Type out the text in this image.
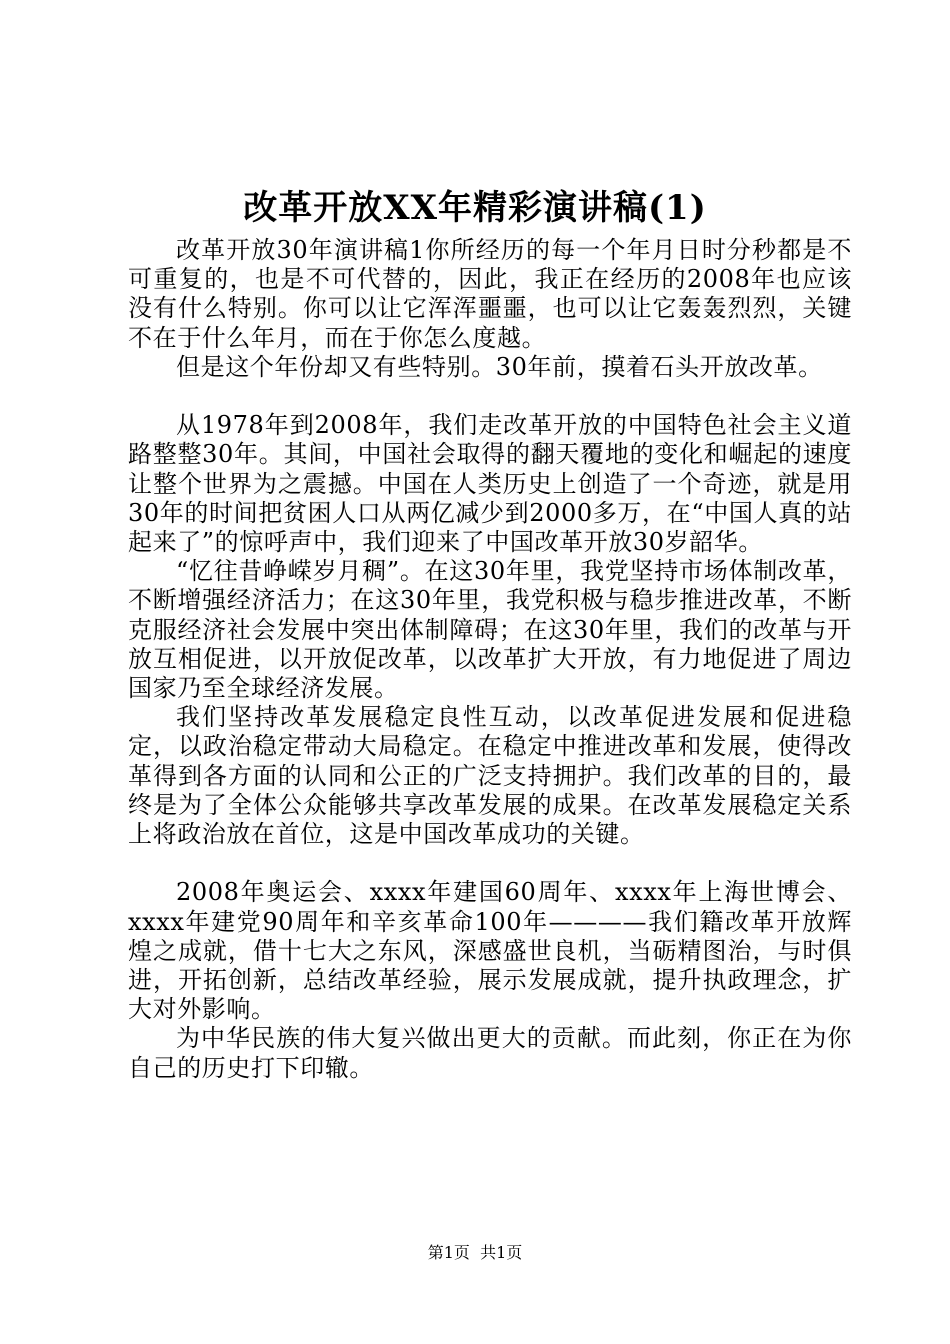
改革开放XX年精彩演讲稿(1)

改革开放30年演讲稿1你所经历的每一个年月日时分秒都是不可重复的，也是不可代替的，因此，我正在经历的2008年也应该没有什么特别。你可以让它浑浑噩噩，也可以让它轰轰烈烈，关键不在于什么年月，而在于你怎么度越。

但是这个年份却又有些特别。30年前，摸着石头开放改革。

从1978年到2008年，我们走改革开放的中国特色社会主义道路整整30年。其间，中国社会取得的翻天覆地的变化和崛起的速度让整个世界为之震撼。中国在人类历史上创造了一个奇迹，就是用30年的时间把贫困人口从两亿减少到2000多万，在“中国人真的站起来了”的惊呼声中，我们迎来了中国改革开放30岁韶华。

“忆往昔峥嵘岁月稠”。在这30年里，我党坚持市场体制改革，不断增强经济活力；在这30年里，我党积极与稳步推进改革，不断克服经济社会发展中突出体制障碍；在这30年里，我们的改革与开放互相促进，以开放促改革，以改革扩大开放，有力地促进了周边国家乃至全球经济发展。

我们坚持改革发展稳定良性互动，以改革促进发展和促进稳定，以政治稳定带动大局稳定。在稳定中推进改革和发展，使得改革得到各方面的认同和公正的广泛支持拥护。我们改革的目的，最终是为了全体公众能够共享改革发展的成果。在改革发展稳定关系上将政治放在首位，这是中国改革成功的关键。

2008年奥运会、xxxx年建国60周年、xxxx年上海世博会、xxxx年建党90周年和辛亥革命100年————我们籍改革开放辉煌之成就，借十七大之东风，深感盛世良机，当砺精图治，与时俱进，开拓创新，总结改革经验，展示发展成就，提升执政理念，扩大对外影响。

为中华民族的伟大复兴做出更大的贡献。而此刻，你正在为你自己的历史打下印辙。

第1页  共1页
